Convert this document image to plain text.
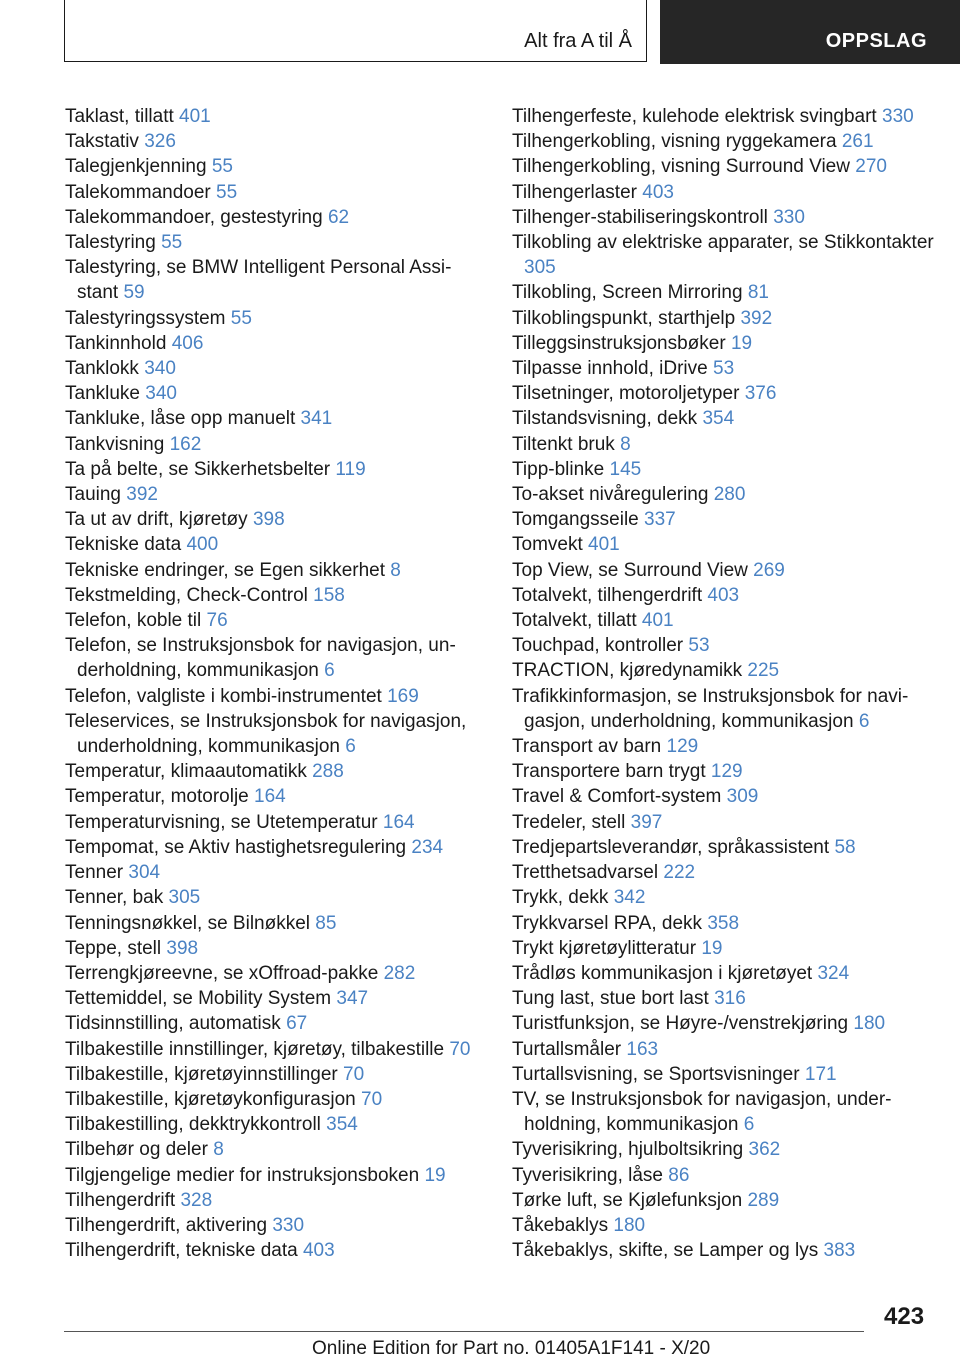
Alt fra A til Å	OPPSLAG
Taklast, tillatt 401
Takstativ 326
Talegjenkjenning 55
Talekommandoer 55
Talekommandoer, gestestyring 62
Talestyring 55
Talestyring, se BMW Intelligent Personal Assistant 59
Talestyringssystem 55
Tankinnhold 406
Tanklokk 340
Tankluke 340
Tankluke, låse opp manuelt 341
Tankvisning 162
Ta på belte, se Sikkerhetsbelter 119
Tauing 392
Ta ut av drift, kjøretøy 398
Tekniske data 400
Tekniske endringer, se Egen sikkerhet 8
Tekstmelding, Check-Control 158
Telefon, koble til 76
Telefon, se Instruksjonsbok for navigasjon, underholdning, kommunikasjon 6
Telefon, valgliste i kombi-instrumentet 169
Teleservices, se Instruksjonsbok for navigasjon, underholdning, kommunikasjon 6
Temperatur, klimaautomatikk 288
Temperatur, motorolje 164
Temperaturvisning, se Utetemperatur 164
Tempomat, se Aktiv hastighetsregulering 234
Tenner 304
Tenner, bak 305
Tenningsnøkkel, se Bilnøkkel 85
Teppe, stell 398
Terrengkjøreevne, se xOffroad-pakke 282
Tettemiddel, se Mobility System 347
Tidsinnstilling, automatisk 67
Tilbakestille innstillinger, kjøretøy, tilbakestille 70
Tilbakestille, kjøretøyinnstillinger 70
Tilbakestille, kjøretøykonfigurasjon 70
Tilbakestilling, dekktrykkontroll 354
Tilbehør og deler 8
Tilgjengelige medier for instruksjonsboken 19
Tilhengerdrift 328
Tilhengerdrift, aktivering 330
Tilhengerdrift, tekniske data 403
Tilhengerfeste, kulehode elektrisk svingbart 330
Tilhengerkobling, visning ryggekamera 261
Tilhengerkobling, visning Surround View 270
Tilhengerlaster 403
Tilhenger-stabiliseringskontroll 330
Tilkobling av elektriske apparater, se Stikkontakter 305
Tilkobling, Screen Mirroring 81
Tilkoblingspunkt, starthjelp 392
Tilleggsinstruksjonsbøker 19
Tilpasse innhold, iDrive 53
Tilsetninger, motoroljetyper 376
Tilstandsvisning, dekk 354
Tiltenkt bruk 8
Tipp-blinke 145
To-akset nivåregulering 280
Tomgangsseile 337
Tomvekt 401
Top View, se Surround View 269
Totalvekt, tilhengerdrift 403
Totalvekt, tillatt 401
Touchpad, kontroller 53
TRACTION, kjøredynamikk 225
Trafikkinformasjon, se Instruksjonsbok for navigasjon, underholdning, kommunikasjon 6
Transport av barn 129
Transportere barn trygt 129
Travel & Comfort-system 309
Tredeler, stell 397
Tredjepartsleverandør, språkassistent 58
Tretthetsadvarsel 222
Trykk, dekk 342
Trykkvarsel RPA, dekk 358
Trykt kjøretøylitteratur 19
Trådløs kommunikasjon i kjøretøyet 324
Tung last, stue bort last 316
Turistfunksjon, se Høyre-/venstrekjøring 180
Turtallsmåler 163
Turtallsvisning, se Sportsvisninger 171
TV, se Instruksjonsbok for navigasjon, underholdning, kommunikasjon 6
Tyverisikring, hjulboltsikring 362
Tyverisikring, låse 86
Tørke luft, se Kjølefunksjon 289
Tåkebaklys 180
Tåkebaklys, skifte, se Lamper og lys 383
423
Online Edition for Part no. 01405A1F141 - X/20
